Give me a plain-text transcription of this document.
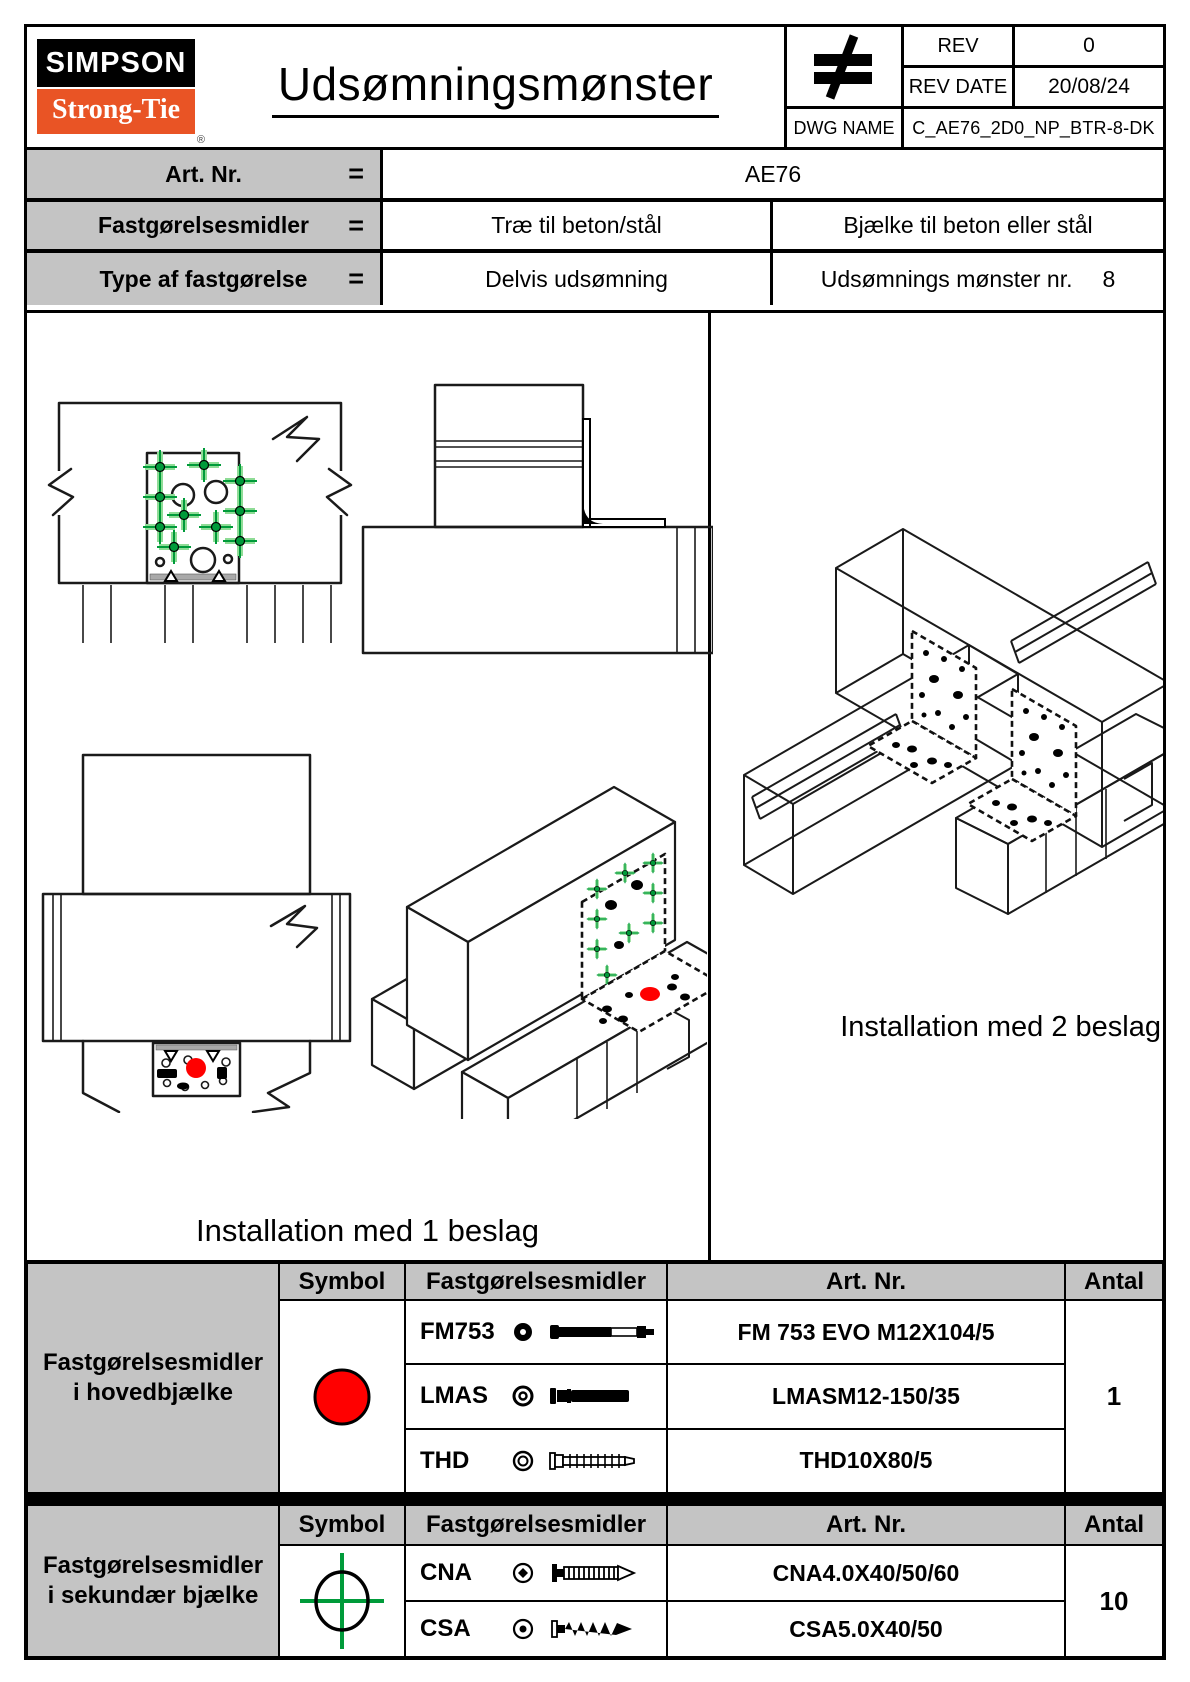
SIMPSON
Strong-Tie
®
Udsømningsmønster
REV	0
REV DATE	20/08/24
DWG NAME C_AE76_2D0_NP_BTR-8-DK
Art. Nr.	=	AE76
Fastgørelsesmidler =	Træ til beton/stål	Bjælke til beton eller stål
Type af fastgørelse =	Delvis udsømning	Udsømnings mønster nr. 8
Installation med 1 beslag
Installation med 2 beslag
Fastgørelsesmidler
i hovedbjælke
Symbol	Fastgørelsesmidler	Art. Nr.	Antal
FM753	FM 753 EVO M12X104/5
LMAS	LMASM12-150/35
THD	THD10X80/5
1
Fastgørelsesmidler
i sekundær bjælke
Symbol	Fastgørelsesmidler	Art. Nr.	Antal
CNA	CNA4.0X40/50/60
CSA	CSA5.0X40/50
10
